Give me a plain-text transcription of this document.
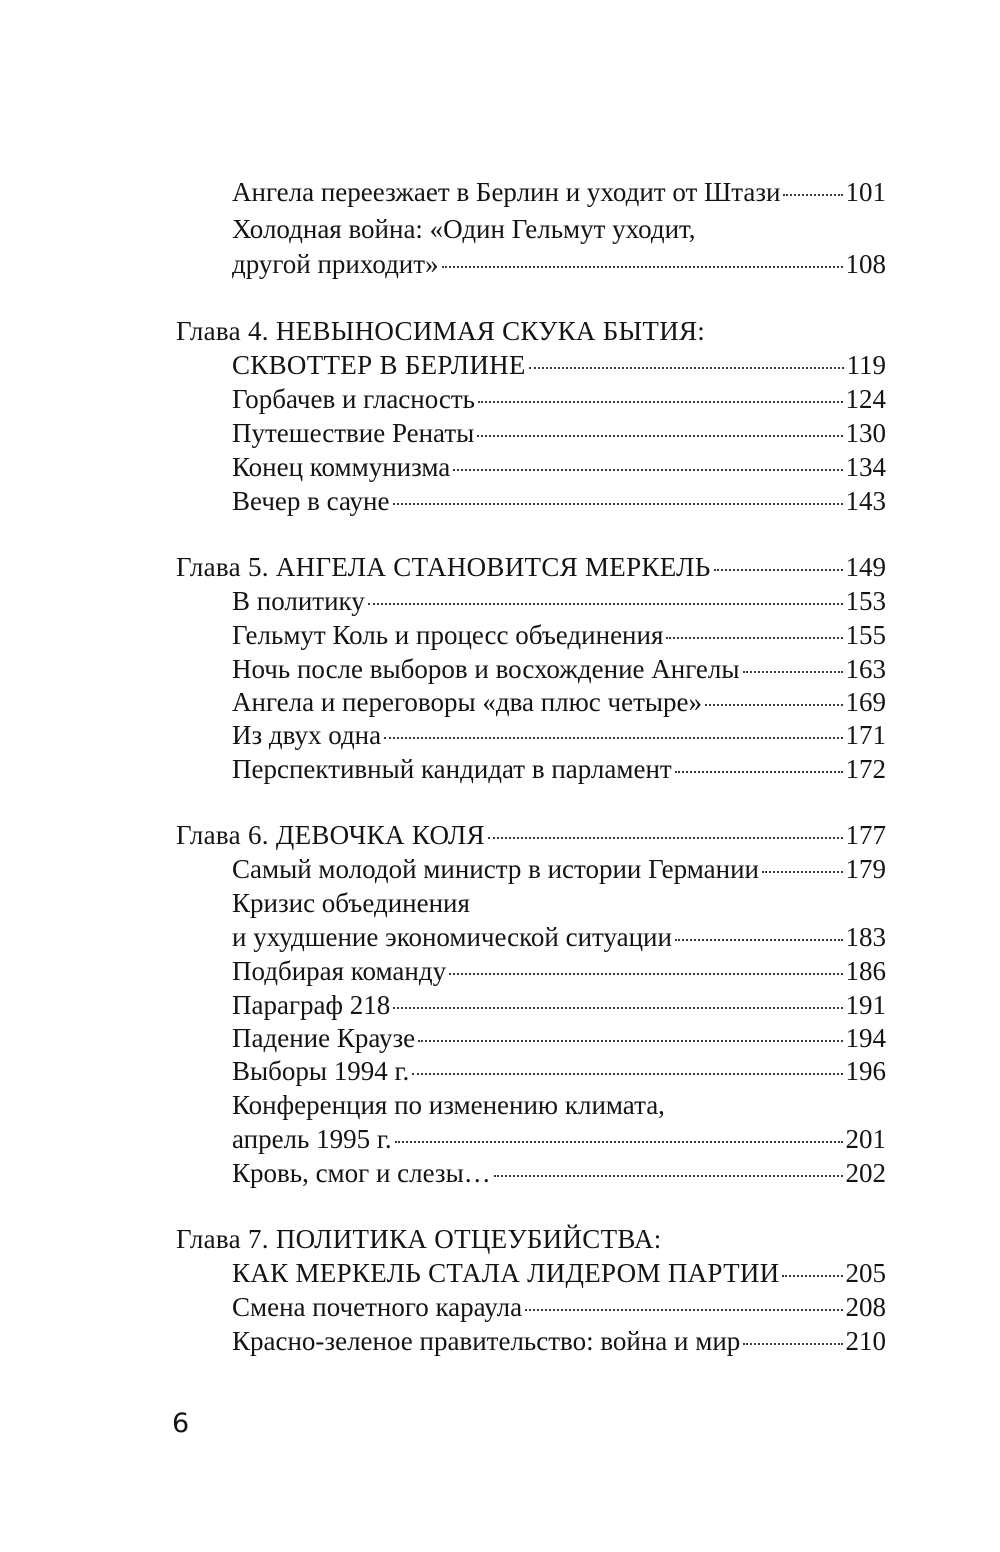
Ангела переезжает в Берлин и уходит от Штази 101
Холодная война: «Один Гельмут уходит,
другой приходит»	108
Глава 4. НЕВЫНОСИМАЯ СКУКА БЫТИЯ:
СКВОТТЕР В БЕРЛИНЕ	119
Горбачев и гласность	124
Путешествие Ренаты	130
Конец коммунизма	134
Вечер в сауне	143
Глава 5. АНГЕЛА СТАНОВИТСЯ МЕРКЕЛЬ	149
В политику	153
Гельмут Коль и процесс объединения	155
Ночь после выборов и восхождение Ангелы	163
Ангела и переговоры «два плюс четыре»	169
Из двух одна	171
Перспективный кандидат в парламент	172
Глава 6. ДЕВОЧКА КОЛЯ	177
Самый молодой министр в истории Германии	179
Кризис объединения
и ухудшение экономической ситуации	183
Подбирая команду	186
Параграф 218	191
Падение Краузе	194
Выборы 1994 г.	196
Конференция по изменению климата,
апрель 1995 г.	201
Кровь, смог и слезы…	202
Глава 7. ПОЛИТИКА ОТЦЕУБИЙСТВА:
КАК МЕРКЕЛЬ СТАЛА ЛИДЕРОМ ПАРТИИ 205
Смена почетного караула	208
Красно-зеленое правительство: война и мир	210
6
